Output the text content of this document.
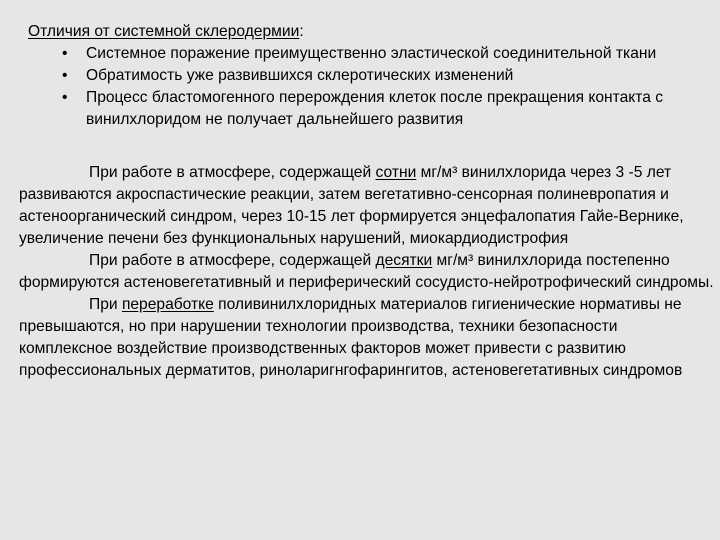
Отличия от системной склеродермии:

• Системное поражение преимущественно эластической соединительной ткани
• Обратимость уже развившихся склеротических изменений
• Процесс бластомогенного перерождения клеток после прекращения контакта с винилхлоридом не получает дальнейшего развития

При работе в атмосфере, содержащей сотни мг/м³ винилхлорида через 3 -5 лет развиваются акроспастические реакции, затем вегетативно-сенсорная полиневропатия и астеноорганический синдром, через 10-15 лет формируется энцефалопатия Гайе-Вернике, увеличение печени без функциональных нарушений, миокардиодистрофия

При работе в атмосфере, содержащей десятки мг/м³ винилхлорида постепенно формируются астеновегетативный и периферический сосудисто-нейротрофический синдромы.

При переработке поливинилхлоридных материалов гигиенические нормативы не превышаются, но при нарушении технологии производства, техники безопасности комплексное воздействие производственных факторов может привести с развитию профессиональных дерматитов, риноларигнгофарингитов, астеновегетативных синдромов
